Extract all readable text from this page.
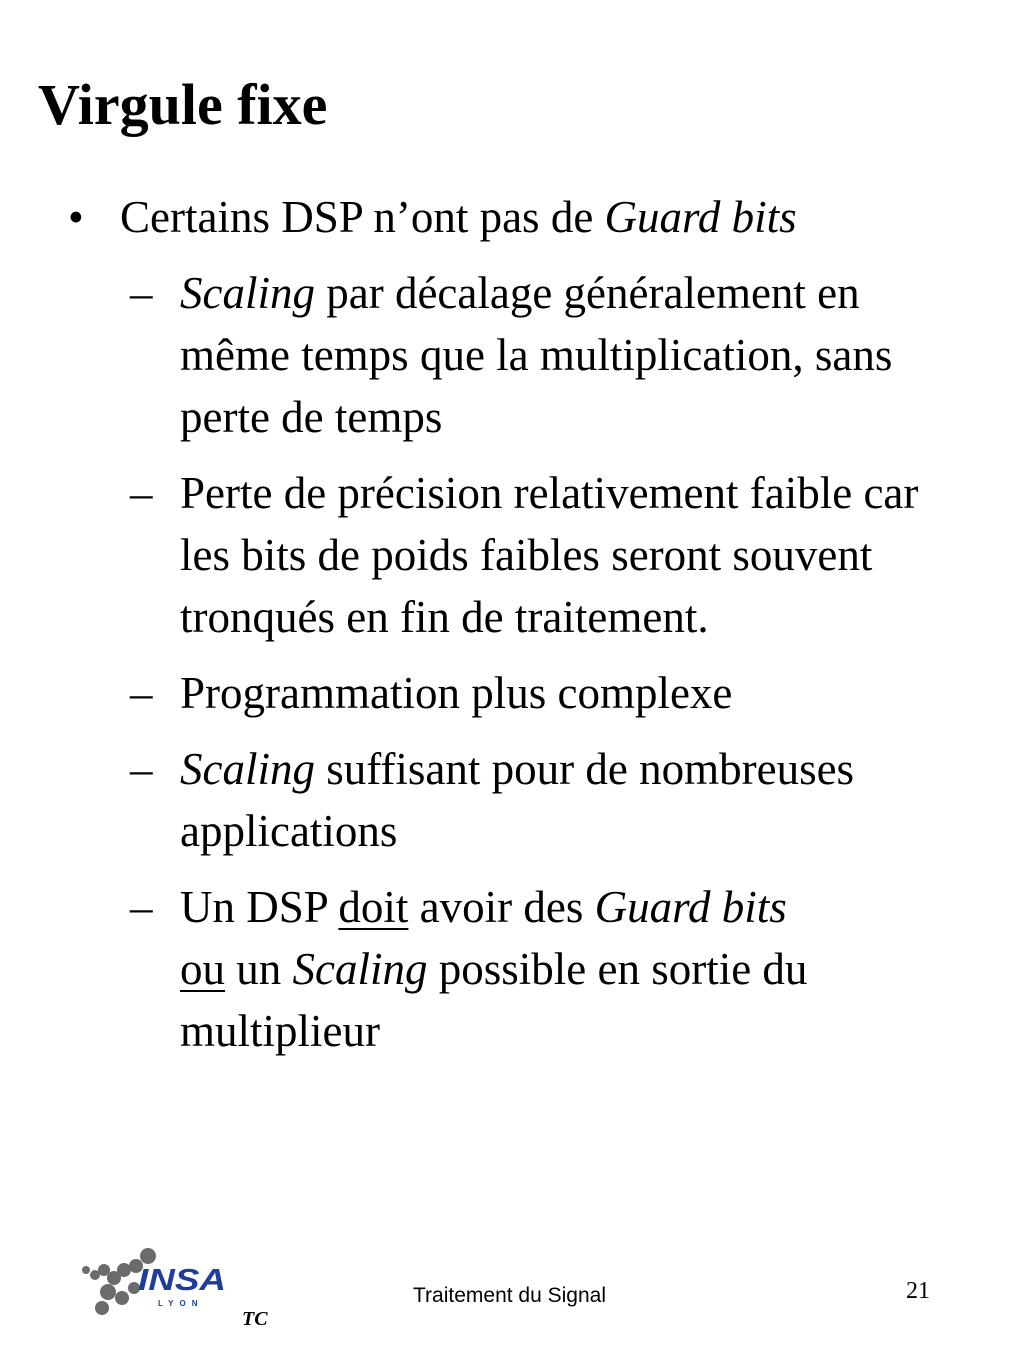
Virgule fixe

• Certains DSP n’ont pas de Guard bits

– Scaling par décalage généralement en même temps que la multiplication, sans perte de temps

– Perte de précision relativement faible car les bits de poids faibles seront souvent tronqués en fin de traitement.

– Programmation plus complexe

– Scaling suffisant pour de nombreuses applications

– Un DSP doit avoir des Guard bits
ou un Scaling possible en sortie du multiplieur

INSA
LYON
TC
Traitement du Signal	21
